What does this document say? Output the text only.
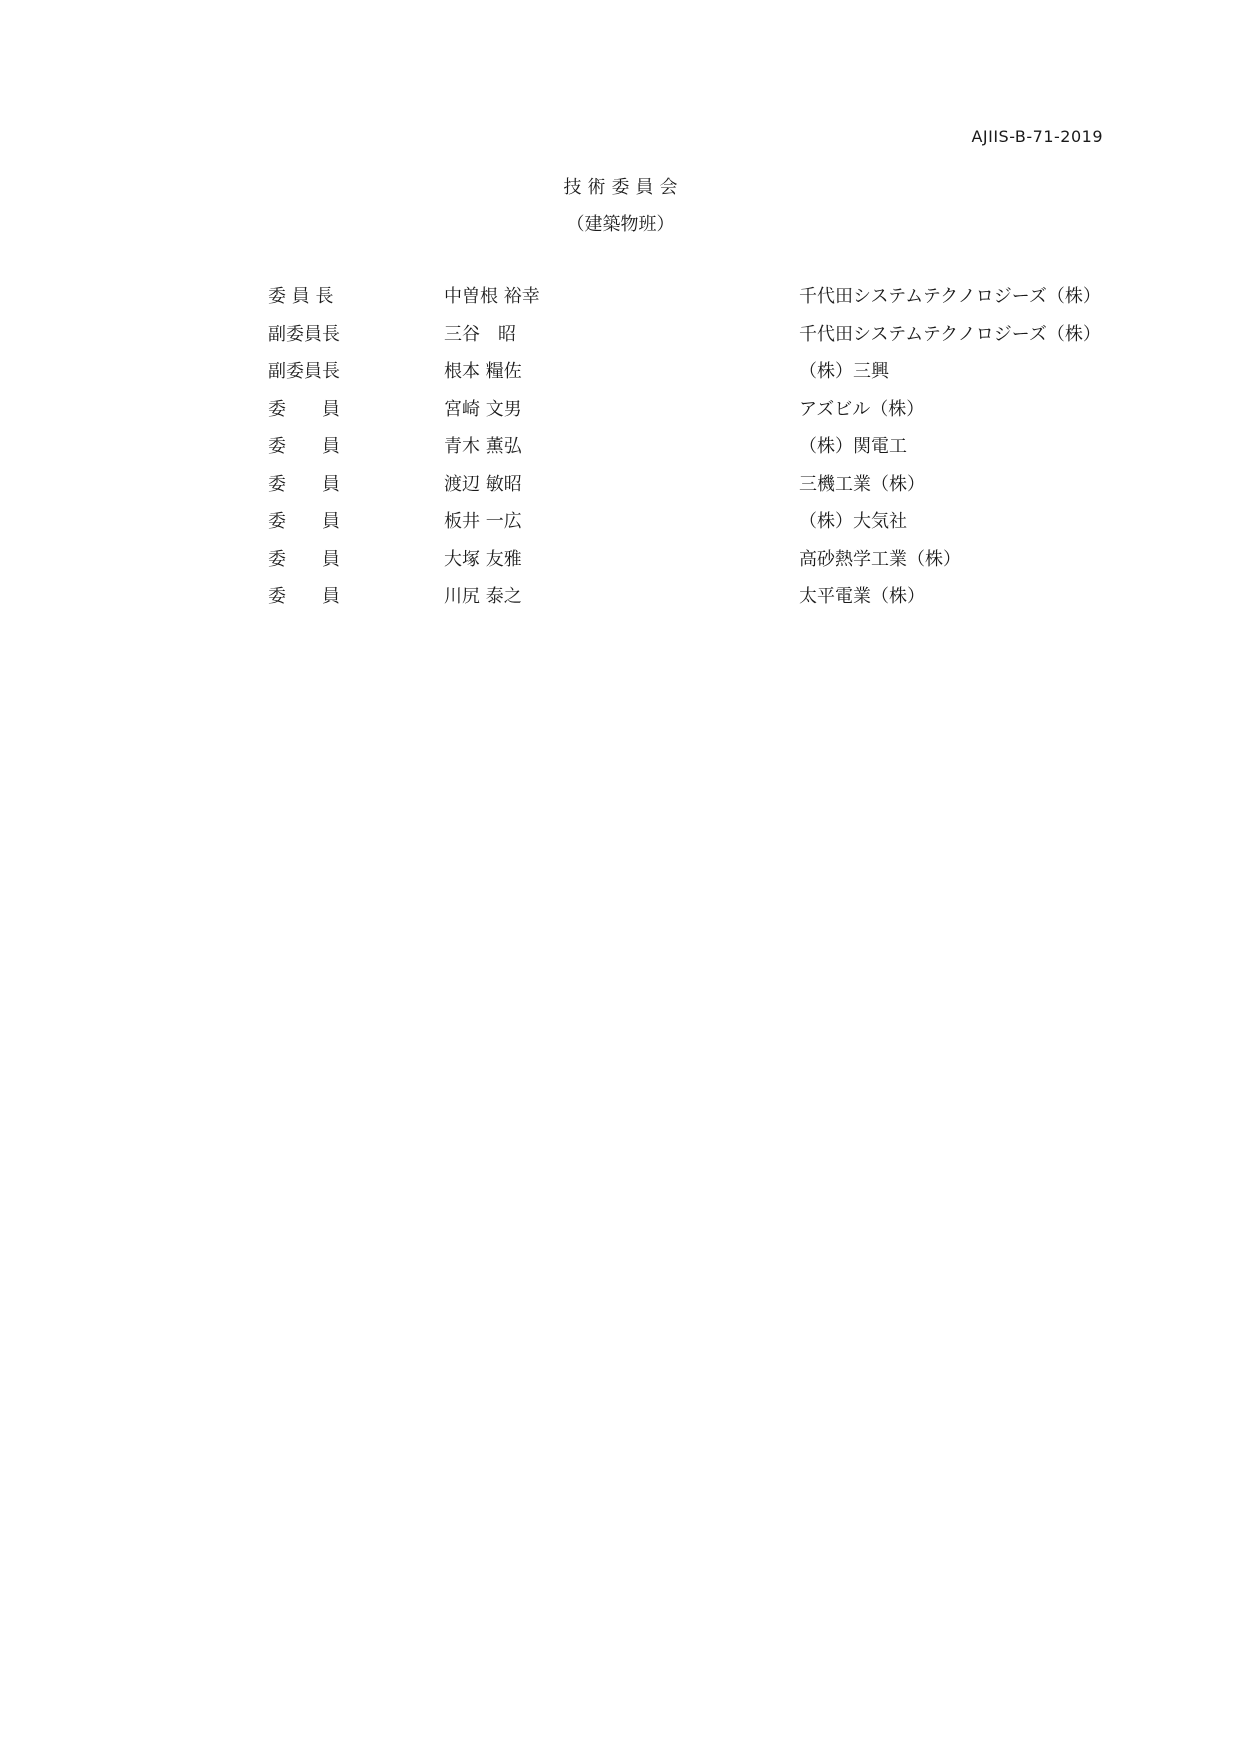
AJIIS-B-71-2019
技術委員会
（建築物班）
委 員 長	中曽根 裕幸	千代田システムテクノロジーズ（株）
副委員長	三谷　昭	千代田システムテクノロジーズ（株）
副委員長	根本 糧佐	（株）三興
委　　員	宮崎 文男	アズビル（株）
委　　員	青木 薫弘	（株）関電工
委　　員	渡辺 敏昭	三機工業（株）
委　　員	板井 一広	（株）大気社
委　　員	大塚 友雅	高砂熱学工業（株）
委　　員	川尻 泰之	太平電業（株）
